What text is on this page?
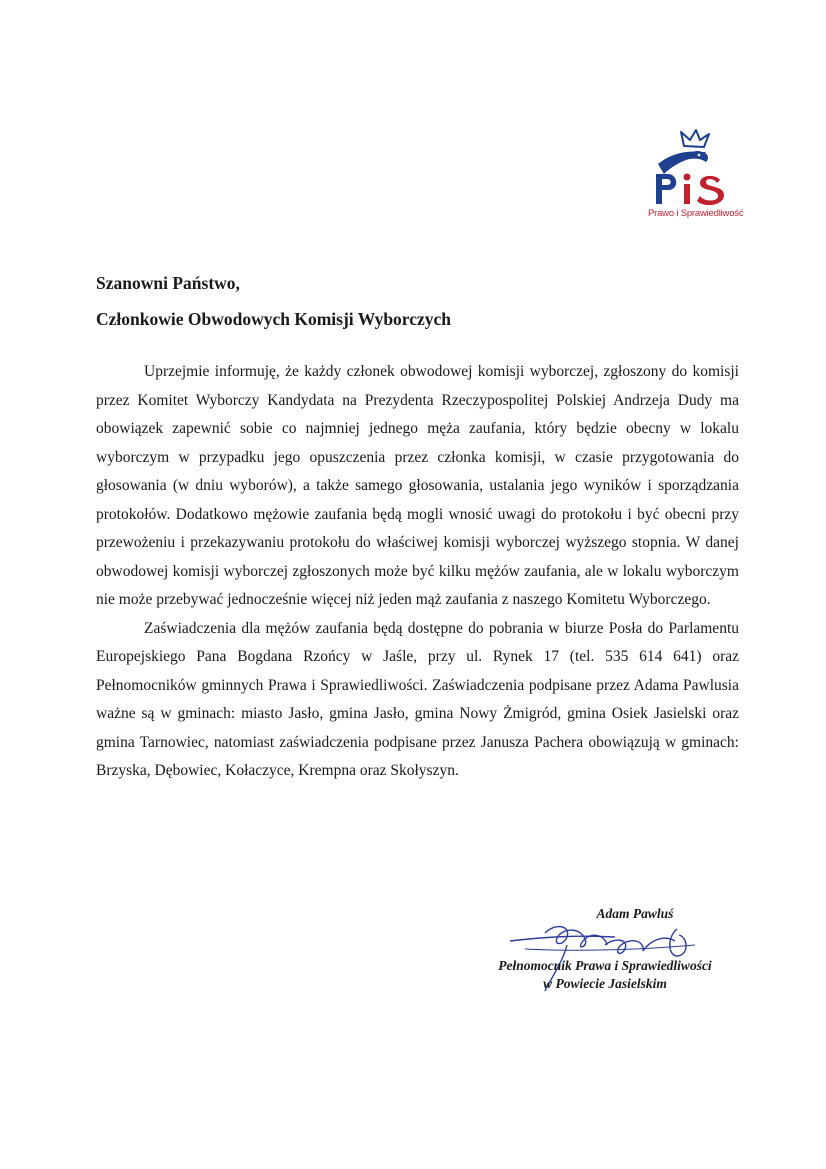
Prawo i Sprawiedliwość
Szanowni Państwo,
Członkowie Obwodowych Komisji Wyborczych

Uprzejmie informuję, że każdy członek obwodowej komisji wyborczej, zgłoszony do komisji przez Komitet Wyborczy Kandydata na Prezydenta Rzeczypospolitej Polskiej Andrzeja Dudy ma obowiązek zapewnić sobie co najmniej jednego męża zaufania, który będzie obecny w lokalu wyborczym w przypadku jego opuszczenia przez członka komisji, w czasie przygotowania do głosowania (w dniu wyborów), a także samego głosowania, ustalania jego wyników i sporządzania protokołów. Dodatkowo mężowie zaufania będą mogli wnosić uwagi do protokołu i być obecni przy przewożeniu i przekazywaniu protokołu do właściwej komisji wyborczej wyższego stopnia. W danej obwodowej komisji wyborczej zgłoszonych może być kilku mężów zaufania, ale w lokalu wyborczym nie może przebywać jednocześnie więcej niż jeden mąż zaufania z naszego Komitetu Wyborczego.

Zaświadczenia dla mężów zaufania będą dostępne do pobrania w biurze Posła do Parlamentu Europejskiego Pana Bogdana Rzońcy w Jaśle, przy ul. Rynek 17 (tel. 535 614 641) oraz Pełnomocników gminnych Prawa i Sprawiedliwości. Zaświadczenia podpisane przez Adama Pawlusia ważne są w gminach: miasto Jasło, gmina Jasło, gmina Nowy Żmigród, gmina Osiek Jasielski oraz gmina Tarnowiec, natomiast zaświadczenia podpisane przez Janusza Pachera obowiązują w gminach: Brzyska, Dębowiec, Kołaczyce, Krempna oraz Skołyszyn.

Adam Pawluś
Pełnomocnik Prawa i Sprawiedliwości
w Powiecie Jasielskim
